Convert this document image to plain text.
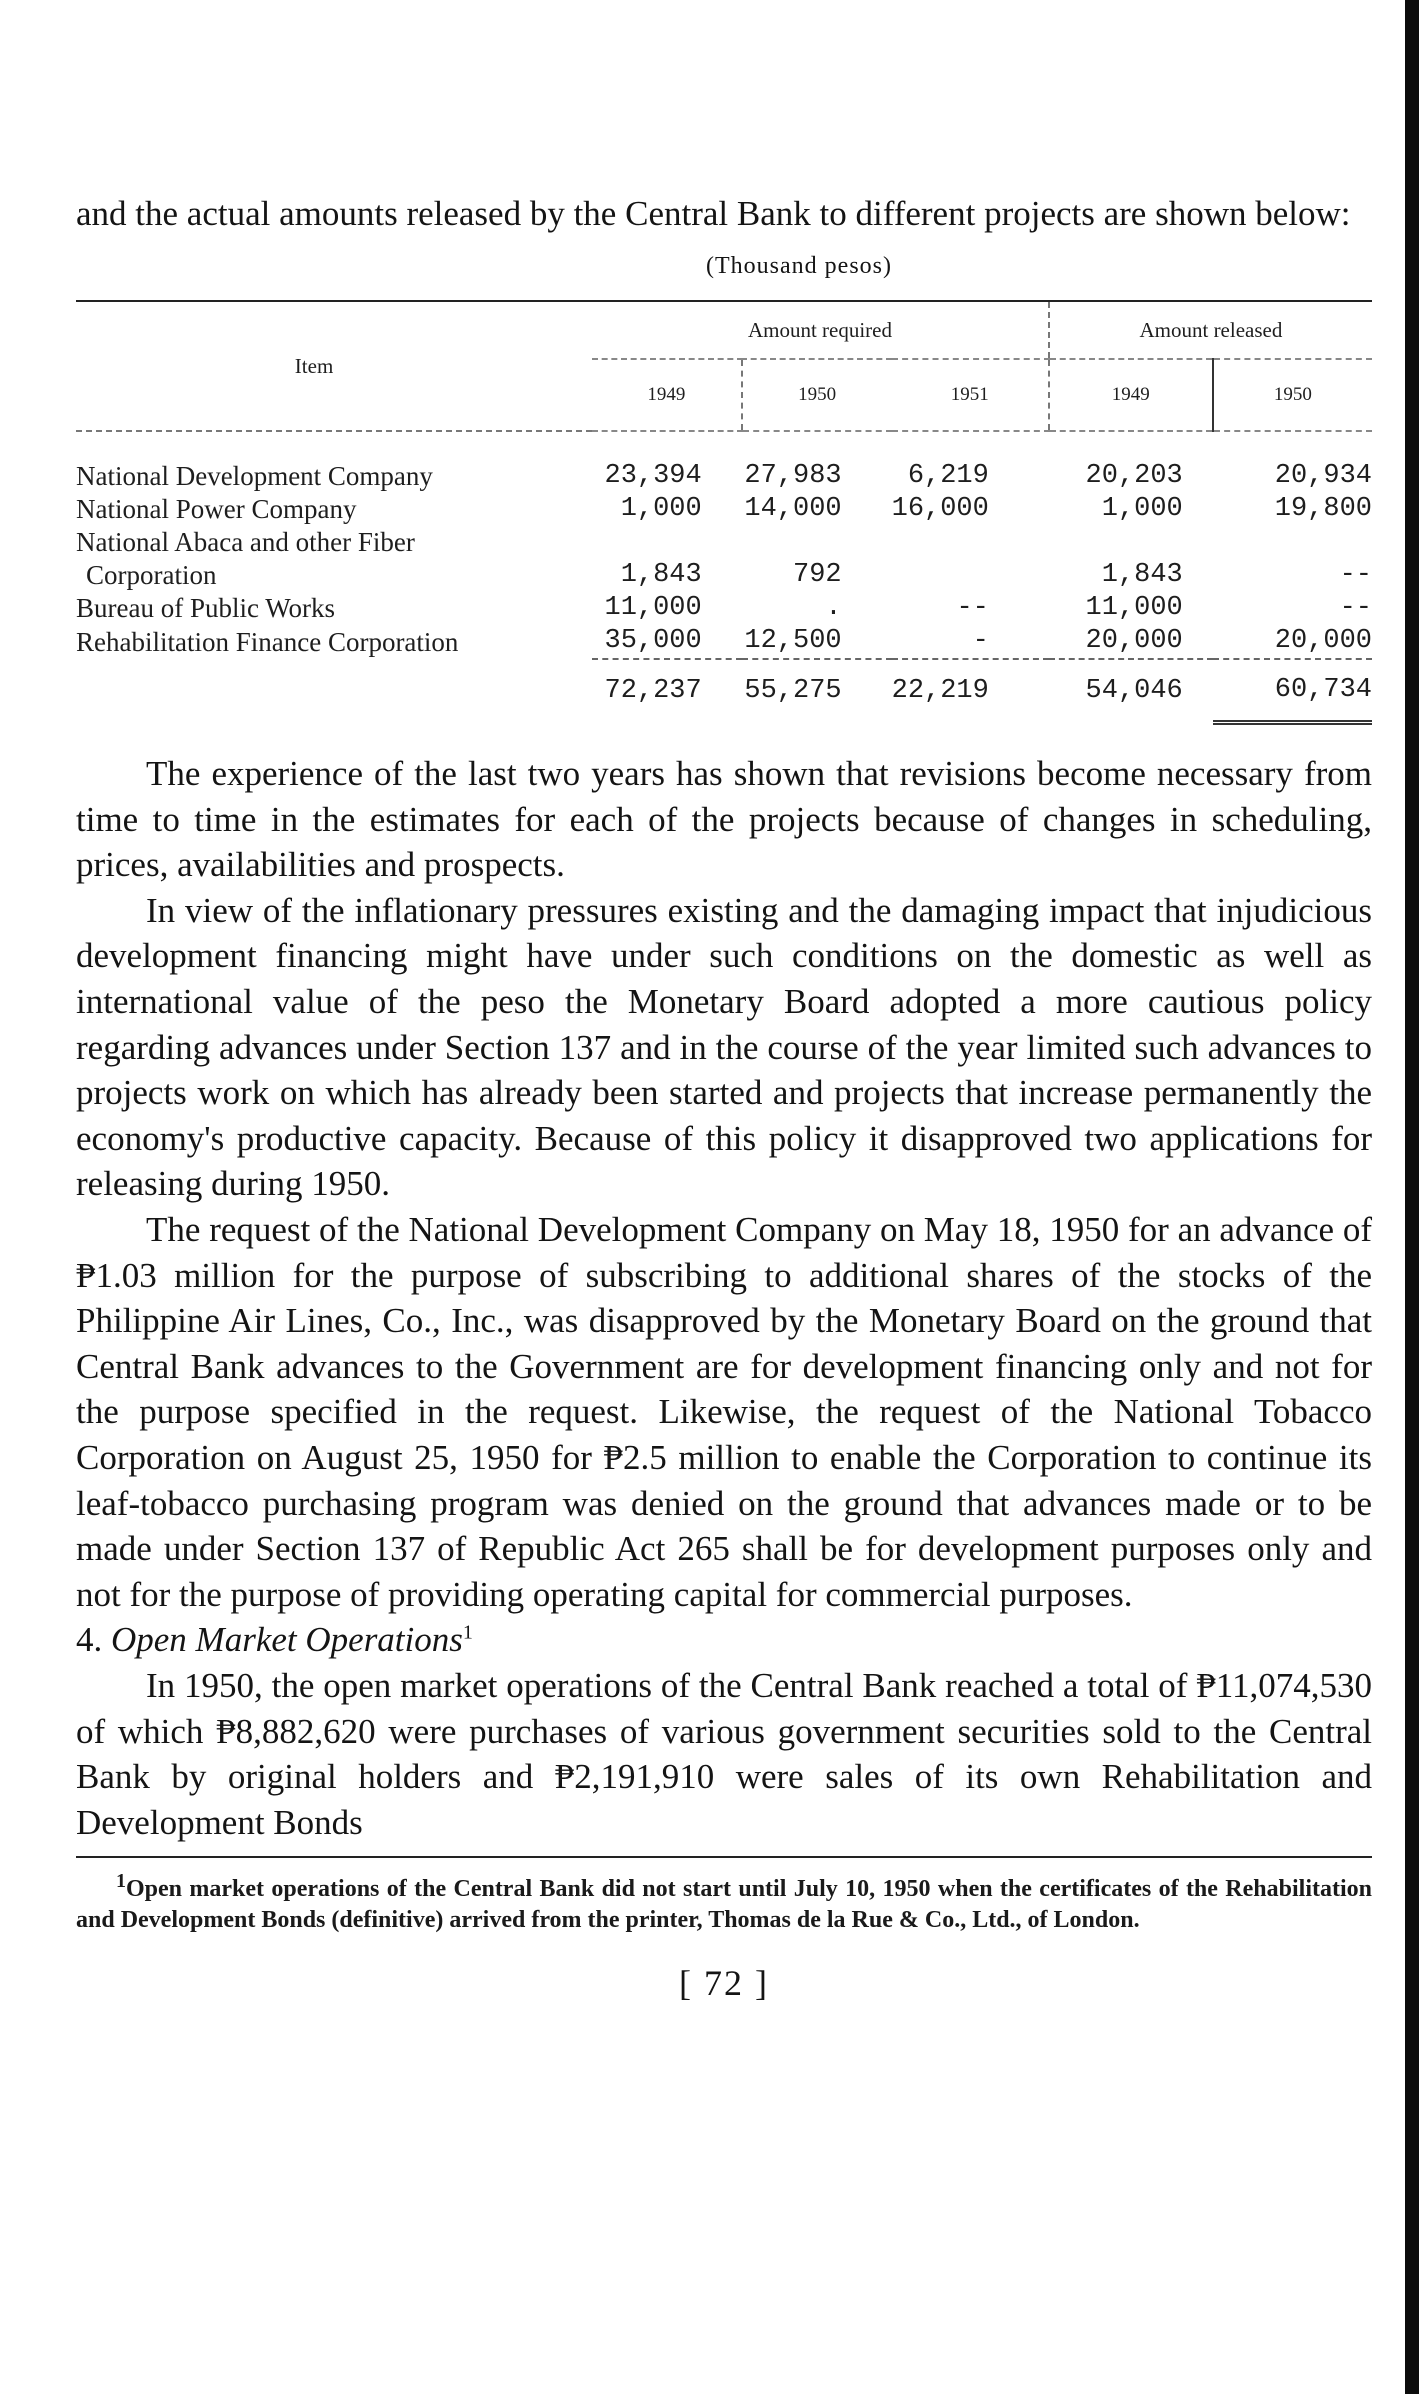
and the actual amounts released by the Central Bank to different projects are shown below:

(Thousand pesos)
Item	Amount required			Amount released	
	1949	1950	1951	1949	1950
National Development Company	23,394	27,983	6,219	20,203	20,934
National Power Company	1,000	14,000	16,000	1,000	19,800
National Abaca and other Fiber					
Corporation	1,843	792		1,843	--
Bureau of Public Works	11,000	.	--	11,000	--
Rehabilitation Finance Corporation	35,000	12,500	-	20,000	20,000
	72,237	55,275	22,219	54,046	60,734

The experience of the last two years has shown that revisions become necessary from time to time in the estimates for each of the projects because of changes in scheduling, prices, availabilities and prospects.

In view of the inflationary pressures existing and the damaging impact that injudicious development financing might have under such conditions on the domestic as well as international value of the peso the Monetary Board adopted a more cautious policy regarding advances under Section 137 and in the course of the year limited such advances to projects work on which has already been started and projects that increase permanently the economy's productive capacity. Because of this policy it disapproved two applications for releasing during 1950.

The request of the National Development Company on May 18, 1950 for an advance of ₱1.03 million for the purpose of subscribing to additional shares of the stocks of the Philippine Air Lines, Co., Inc., was disapproved by the Monetary Board on the ground that Central Bank advances to the Government are for development financing only and not for the purpose specified in the request. Likewise, the request of the National Tobacco Corporation on August 25, 1950 for ₱2.5 million to enable the Corporation to continue its leaf-tobacco purchasing program was denied on the ground that advances made or to be made under Section 137 of Republic Act 265 shall be for development purposes only and not for the purpose of providing operating capital for commercial purposes.

4. Open Market Operations$^1$

In 1950, the open market operations of the Central Bank reached a total of ₱11,074,530 of which ₱8,882,620 were purchases of various government securities sold to the Central Bank by original holders and ₱2,191,910 were sales of its own Rehabilitation and Development Bonds

$^1$Open market operations of the Central Bank did not start until July 10, 1950 when the certificates of the Rehabilitation and Development Bonds (definitive) arrived from the printer, Thomas de la Rue & Co., Ltd., of London.

[ 72 ]
